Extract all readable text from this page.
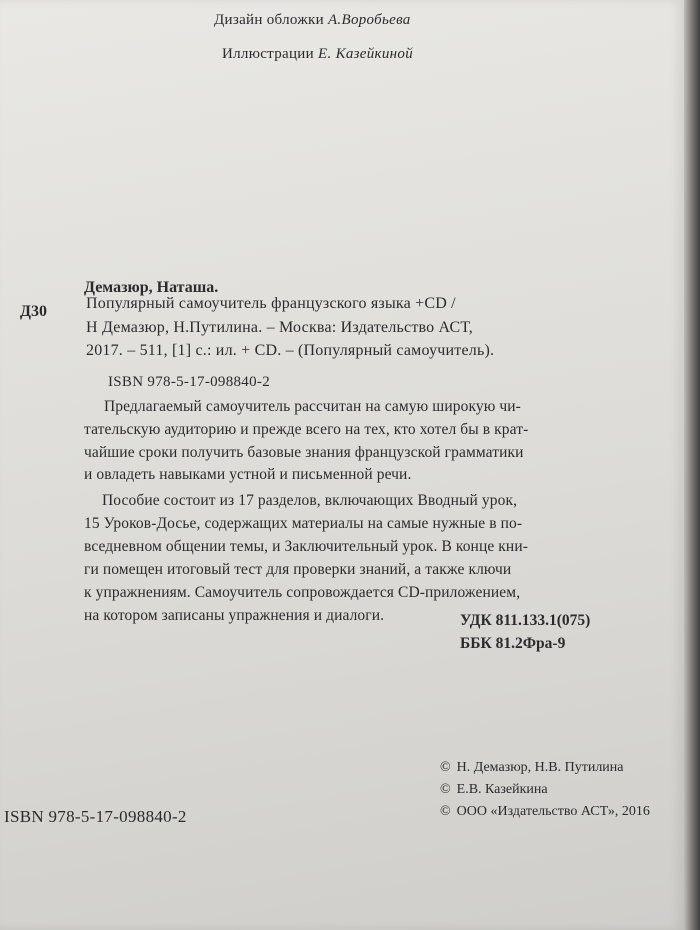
Дизайн обложки А.Воробьева
Иллюстрации Е. Казейкиной
Демазюр, Наташа.
Д30 Популярный самоучитель французского языка +CD /
Н Демазюр, Н.Путилина. – Москва: Издательство АСТ,
2017. – 511, [1] с.: ил. + CD. – (Популярный самоучитель).
ISBN 978-5-17-098840-2
Предлагаемый самоучитель рассчитан на самую широкую чи-
тательскую аудиторию и прежде всего на тех, кто хотел бы в крат-
чайшие сроки получить базовые знания французской грамматики
и овладеть навыками устной и письменной речи.
Пособие состоит из 17 разделов, включающих Вводный урок,
15 Уроков-Досье, содержащих материалы на самые нужные в по-
вседневном общении темы, и Заключительный урок. В конце кни-
ги помещен итоговый тест для проверки знаний, а также ключи
к упражнениям. Самоучитель сопровождается CD-приложением,
на котором записаны упражнения и диалоги.	УДК 811.133.1(075)
ББК 81.2Фра-9
© Н. Демазюр, Н.В. Путилина
© Е.В. Казейкина
© ООО «Издательство АСТ», 2016
ISBN 978-5-17-098840-2
